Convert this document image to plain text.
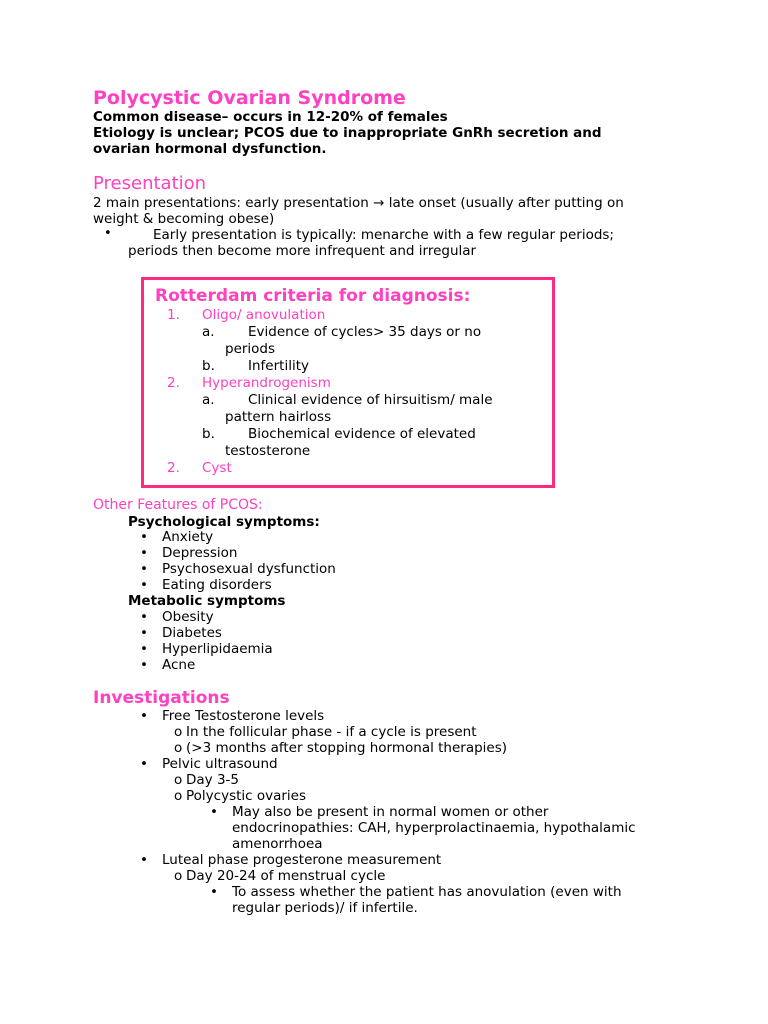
Polycystic Ovarian Syndrome
Common disease– occurs in 12-20% of females
Etiology is unclear; PCOS due to inappropriate GnRh secretion and
ovarian hormonal dysfunction.
Presentation
2 main presentations: early presentation → late onset (usually after putting on
weight & becoming obese)
•	Early presentation is typically: menarche with a few regular periods;
periods then become more infrequent and irregular
Rotterdam criteria for diagnosis:
1. Oligo/ anovulation
a. Evidence of cycles> 35 days or no
periods
b. Infertility
2. Hyperandrogenism
a. Clinical evidence of hirsuitism/ male
pattern hairloss
b. Biochemical evidence of elevated
testosterone
2. Cyst
Other Features of PCOS:
Psychological symptoms:
• Anxiety
• Depression
• Psychosexual dysfunction
• Eating disorders
Metabolic symptoms
• Obesity
• Diabetes
• Hyperlipidaemia
• Acne
Investigations
• Free Testosterone levels
o In the follicular phase - if a cycle is present
o (>3 months after stopping hormonal therapies)
• Pelvic ultrasound
o Day 3-5
o Polycystic ovaries
• May also be present in normal women or other
endocrinopathies: CAH, hyperprolactinaemia, hypothalamic
amenorrhoea
• Luteal phase progesterone measurement
o Day 20-24 of menstrual cycle
• To assess whether the patient has anovulation (even with
regular periods)/ if infertile.
